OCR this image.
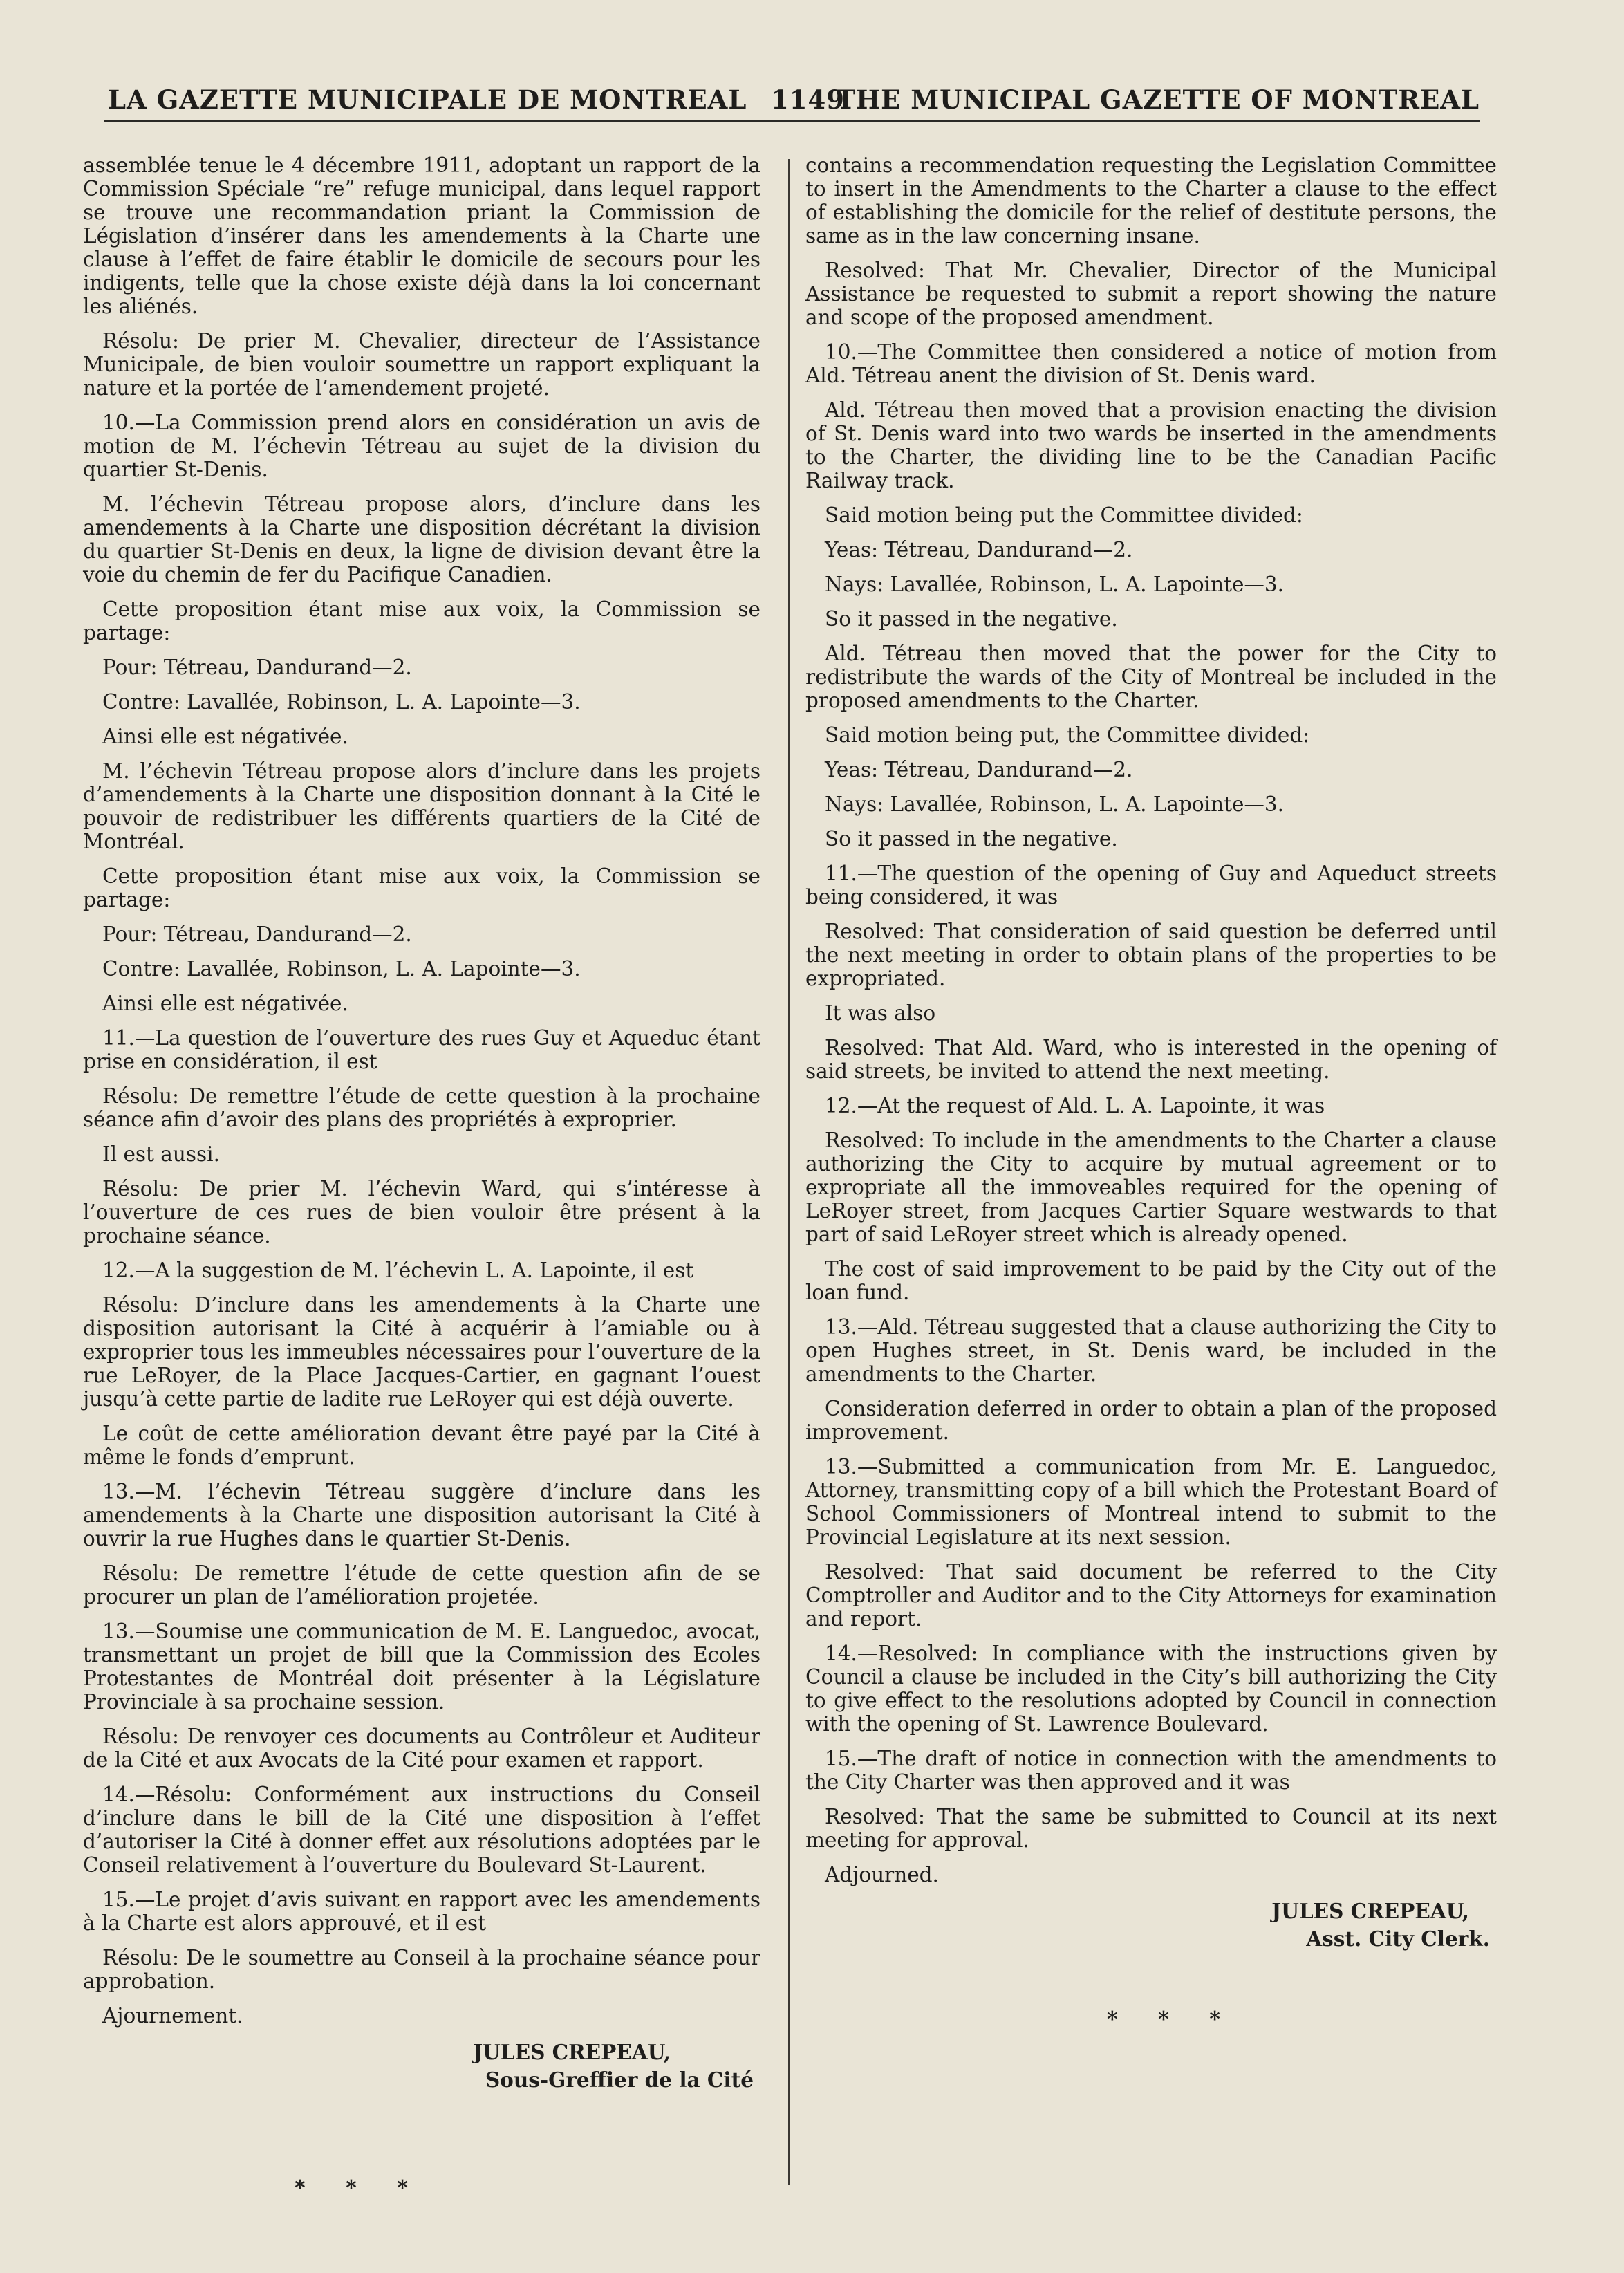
LA GAZETTE MUNICIPALE DE MONTREAL 1149
THE MUNICIPAL GAZETTE OF MONTREAL

assemblée tenue le 4 décembre 1911, adoptant un rapport de la Commission Spéciale “re” refuge municipal, dans lequel rapport se trouve une recommandation priant la Commission de Législation d’insérer dans les amendements à la Charte une clause à l’effet de faire établir le domicile de secours pour les indigents, telle que la chose existe déjà dans la loi concernant les aliénés.

Résolu: De prier M. Chevalier, directeur de l’Assistance Municipale, de bien vouloir soumettre un rapport expliquant la nature et la portée de l’amendement projeté.

10.—La Commission prend alors en considération un avis de motion de M. l’échevin Tétreau au sujet de la division du quartier St-Denis.

M. l’échevin Tétreau propose alors, d’inclure dans les amendements à la Charte une disposition décrétant la division du quartier St-Denis en deux, la ligne de division devant être la voie du chemin de fer du Pacifique Canadien.

Cette proposition étant mise aux voix, la Commission se partage:

Pour: Tétreau, Dandurand—2.

Contre: Lavallée, Robinson, L. A. Lapointe—3.

Ainsi elle est négativée.

M. l’échevin Tétreau propose alors d’inclure dans les projets d’amendements à la Charte une disposition donnant à la Cité le pouvoir de redistribuer les différents quartiers de la Cité de Montréal.

Cette proposition étant mise aux voix, la Commission se partage:

Pour: Tétreau, Dandurand—2.

Contre: Lavallée, Robinson, L. A. Lapointe—3.

Ainsi elle est négativée.

11.—La question de l’ouverture des rues Guy et Aqueduc étant prise en considération, il est

Résolu: De remettre l’étude de cette question à la prochaine séance afin d’avoir des plans des propriétés à exproprier.

Il est aussi.

Résolu: De prier M. l’échevin Ward, qui s’intéresse à l’ouverture de ces rues de bien vouloir être présent à la prochaine séance.

12.—A la suggestion de M. l’échevin L. A. Lapointe, il est

Résolu: D’inclure dans les amendements à la Charte une disposition autorisant la Cité à acquérir à l’amiable ou à exproprier tous les immeubles nécessaires pour l’ouverture de la rue LeRoyer, de la Place Jacques-Cartier, en gagnant l’ouest jusqu’à cette partie de ladite rue LeRoyer qui est déjà ouverte.

Le coût de cette amélioration devant être payé par la Cité à même le fonds d’emprunt.

13.—M. l’échevin Tétreau suggère d’inclure dans les amendements à la Charte une disposition autorisant la Cité à ouvrir la rue Hughes dans le quartier St-Denis.

Résolu: De remettre l’étude de cette question afin de se procurer un plan de l’amélioration projetée.

13.—Soumise une communication de M. E. Languedoc, avocat, transmettant un projet de bill que la Commission des Ecoles Protestantes de Montréal doit présenter à la Législature Provinciale à sa prochaine session.

Résolu: De renvoyer ces documents au Contrôleur et Auditeur de la Cité et aux Avocats de la Cité pour examen et rapport.

14.—Résolu: Conformément aux instructions du Conseil d’inclure dans le bill de la Cité une disposition à l’effet d’autoriser la Cité à donner effet aux résolutions adoptées par le Conseil relativement à l’ouverture du Boulevard St-Laurent.

15.—Le projet d’avis suivant en rapport avec les amendements à la Charte est alors approuvé, et il est

Résolu: De le soumettre au Conseil à la prochaine séance pour approbation.

Ajournement.

JULES CREPEAU,
Sous-Greffier de la Cité

* * *

contains a recommendation requesting the Legislation Committee to insert in the Amendments to the Charter a clause to the effect of establishing the domicile for the relief of destitute persons, the same as in the law concerning insane.

Resolved: That Mr. Chevalier, Director of the Municipal Assistance be requested to submit a report showing the nature and scope of the proposed amendment.

10.—The Committee then considered a notice of motion from Ald. Tétreau anent the division of St. Denis ward.

Ald. Tétreau then moved that a provision enacting the division of St. Denis ward into two wards be inserted in the amendments to the Charter, the dividing line to be the Canadian Pacific Railway track.

Said motion being put the Committee divided:

Yeas: Tétreau, Dandurand—2.

Nays: Lavallée, Robinson, L. A. Lapointe—3.

So it passed in the negative.

Ald. Tétreau then moved that the power for the City to redistribute the wards of the City of Montreal be included in the proposed amendments to the Charter.

Said motion being put, the Committee divided:

Yeas: Tétreau, Dandurand—2.

Nays: Lavallée, Robinson, L. A. Lapointe—3.

So it passed in the negative.

11.—The question of the opening of Guy and Aqueduct streets being considered, it was

Resolved: That consideration of said question be deferred until the next meeting in order to obtain plans of the properties to be expropriated.

It was also

Resolved: That Ald. Ward, who is interested in the opening of said streets, be invited to attend the next meeting.

12.—At the request of Ald. L. A. Lapointe, it was

Resolved: To include in the amendments to the Charter a clause authorizing the City to acquire by mutual agreement or to expropriate all the immoveables required for the opening of LeRoyer street, from Jacques Cartier Square westwards to that part of said LeRoyer street which is already opened.

The cost of said improvement to be paid by the City out of the loan fund.

13.—Ald. Tétreau suggested that a clause authorizing the City to open Hughes street, in St. Denis ward, be included in the amendments to the Charter.

Consideration deferred in order to obtain a plan of the proposed improvement.

13.—Submitted a communication from Mr. E. Languedoc, Attorney, transmitting copy of a bill which the Protestant Board of School Commissioners of Montreal intend to submit to the Provincial Legislature at its next session.

Resolved: That said document be referred to the City Comptroller and Auditor and to the City Attorneys for examination and report.

14.—Resolved: In compliance with the instructions given by Council a clause be included in the City’s bill authorizing the City to give effect to the resolutions adopted by Council in connection with the opening of St. Lawrence Boulevard.

15.—The draft of notice in connection with the amendments to the City Charter was then approved and it was

Resolved: That the same be submitted to Council at its next meeting for approval.

Adjourned.

JULES CREPEAU,
Asst. City Clerk.

* * *
